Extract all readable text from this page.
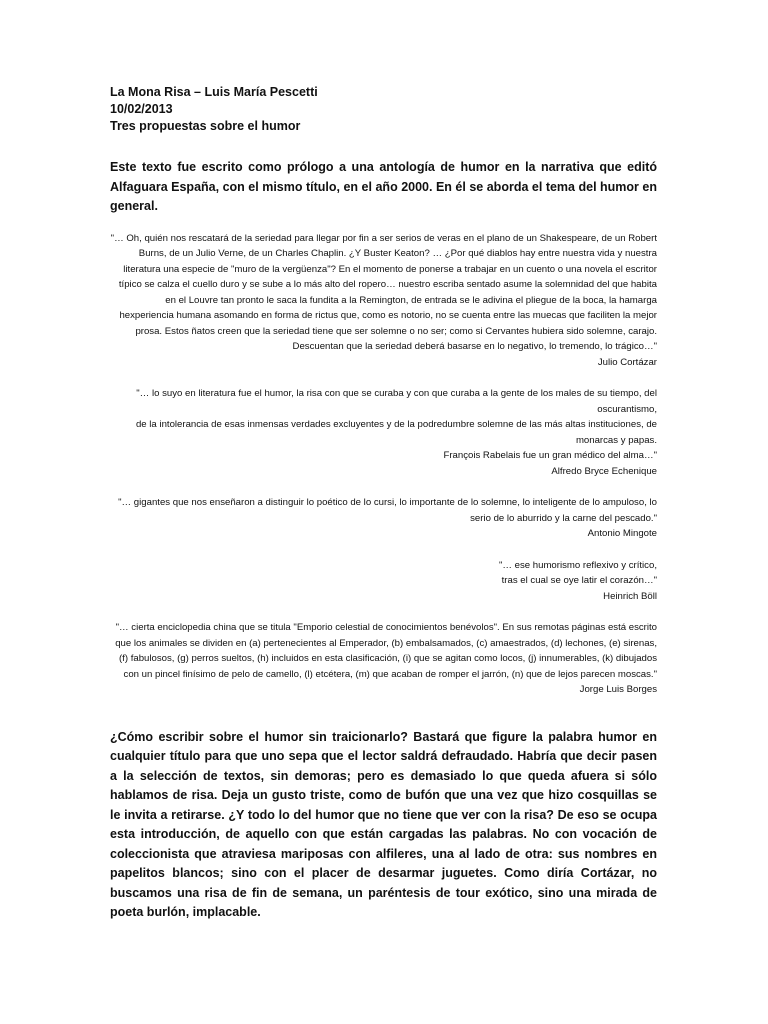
La Mona Risa – Luis María Pescetti

10/02/2013

Tres propuestas sobre el humor

Este texto fue escrito como prólogo a una antología de humor en la narrativa que editó Alfaguara España, con el mismo título, en el año 2000. En él se aborda el tema del humor en general.
"… Oh, quién nos rescatará de la seriedad para llegar por fin a ser serios de veras en el plano de un Shakespeare, de un Robert Burns, de un Julio Verne, de un Charles Chaplin. ¿Y Buster Keaton? … ¿Por qué diablos hay entre nuestra vida y nuestra literatura una especie de "muro de la vergüenza"? En el momento de ponerse a trabajar en un cuento o una novela el escritor típico se calza el cuello duro y se sube a lo más alto del ropero… nuestro escriba sentado asume la solemnidad del que habita en el Louvre tan pronto le saca la fundita a la Remington, de entrada se le adivina el pliegue de la boca, la hamarga hexperiencia humana asomando en forma de rictus que, como es notorio, no se cuenta entre las muecas que faciliten la mejor prosa. Estos ñatos creen que la seriedad tiene que ser solemne o no ser; como si Cervantes hubiera sido solemne, carajo. Descuentan que la seriedad deberá basarse en lo negativo, lo tremendo, lo trágico…"
Julio Cortázar
"… lo suyo en literatura fue el humor, la risa con que se curaba y con que curaba a la gente de los males de su tiempo, del oscurantismo,
de la intolerancia de esas inmensas verdades excluyentes y de la podredumbre solemne de las más altas instituciones, de monarcas y papas.
François Rabelais fue un gran médico del alma…"
Alfredo Bryce Echenique
"… gigantes que nos enseñaron a distinguir lo poético de lo cursi, lo importante de lo solemne, lo inteligente de lo ampuloso, lo serio de lo aburrido y la carne del pescado."
Antonio Mingote
"… ese humorismo reflexivo y crítico,
tras el cual se oye latir el corazón…"
Heinrich Böll
"… cierta enciclopedia china que se titula "Emporio celestial de conocimientos benévolos". En sus remotas páginas está escrito que los animales se dividen en (a) pertenecientes al Emperador, (b) embalsamados, (c) amaestrados, (d) lechones, (e) sirenas, (f) fabulosos, (g) perros sueltos, (h) incluidos en esta clasificación, (i) que se agitan como locos, (j) innumerables, (k) dibujados con un pincel finísimo de pelo de camello, (l) etcétera, (m) que acaban de romper el jarrón, (n) que de lejos parecen moscas."
Jorge Luis Borges
¿Cómo escribir sobre el humor sin traicionarlo? Bastará que figure la palabra humor en cualquier título para que uno sepa que el lector saldrá defraudado. Habría que decir pasen a la selección de textos, sin demoras; pero es demasiado lo que queda afuera si sólo hablamos de risa. Deja un gusto triste, como de bufón que una vez que hizo cosquillas se le invita a retirarse. ¿Y todo lo del humor que no tiene que ver con la risa? De eso se ocupa esta introducción, de aquello con que están cargadas las palabras. No con vocación de coleccionista que atraviesa mariposas con alfileres, una al lado de otra: sus nombres en papelitos blancos; sino con el placer de desarmar juguetes. Como diría Cortázar, no buscamos una risa de fin de semana, un paréntesis de tour exótico, sino una mirada de poeta burlón, implacable.
